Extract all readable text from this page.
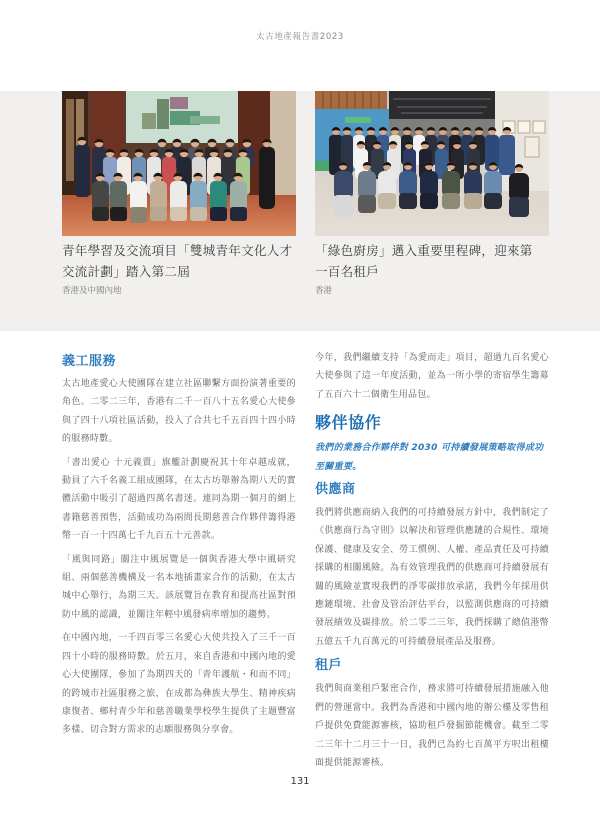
太古地產報告書2023
青年學習及交流項目「雙城青年文化人才
交流計劃」踏入第二屆
香港及中國內地
「綠色廚房」邁入重要里程碑，迎來第
一百名租戶
香港
義工服務

太古地產愛心大使團隊在建立社區聯繫方面扮演著重要的角色。二零二三年，香港有二千一百八十五名愛心大使參與了四十八項社區活動，投入了合共七千五百四十四小時的服務時數。

「書出愛心 十元義賣」旗艦計劃慶祝其十年卓越成就，動員了六千名義工組成團隊，在太古坊舉辦為期八天的實體活動中吸引了超過四萬名書迷。連同為期一個月的網上書籍慈善預售，活動成功為兩間長期慈善合作夥伴籌得港幣一百一十四萬七千九百五十元善款。

「風與同路」關注中風展覽是一個與香港大學中風研究組、兩個慈善機構及一名本地插畫家合作的活動，在太古城中心舉行，為期三天。該展覽旨在教育和提高社區對預防中風的認識，並關注年輕中風發病率增加的趨勢。

在中國內地，一千四百零三名愛心大使共投入了三千一百四十小時的服務時數。於五月，來自香港和中國內地的愛心大使團隊，參加了為期四天的「青年護航・和而不同」的跨城市社區服務之旅，在成都為彝族大學生、精神疾病康復者、鄉村青少年和慈善職業學校學生提供了主題豐富多樣、切合對方需求的志願服務與分享會。

今年，我們繼續支持「為愛而走」項目，超過九百名愛心大使參與了這一年度活動，並為一所小學的寄宿學生籌募了五百六十二個衛生用品包。

夥伴協作

我們的業務合作夥伴對 2030 可持續發展策略取得成功至關重要。

供應商

我們將供應商納入我們的可持續發展方針中，我們制定了《供應商行為守則》以解決和管理供應鏈的合規性、環境保護、健康及安全、勞工慣例、人權、產品責任及可持續採購的相關風險。為有效管理我們的供應商可持續發展有關的風險並實現我們的淨零碳排放承諾，我們今年採用供應鏈環境、社會及管治評估平台，以監測供應商的可持續發展績效及碳排放。於二零二三年，我們採購了總值港幣五億五千九百萬元的可持續發展產品及服務。

租戶

我們與商業租戶緊密合作，務求將可持續發展措施融入他們的營運當中。我們為香港和中國內地的辦公樓及零售租戶提供免費能源審核，協助租戶發掘節能機會。截至二零二三年十二月三十一日，我們已為約七百萬平方呎出租樓面提供能源審核。

131
